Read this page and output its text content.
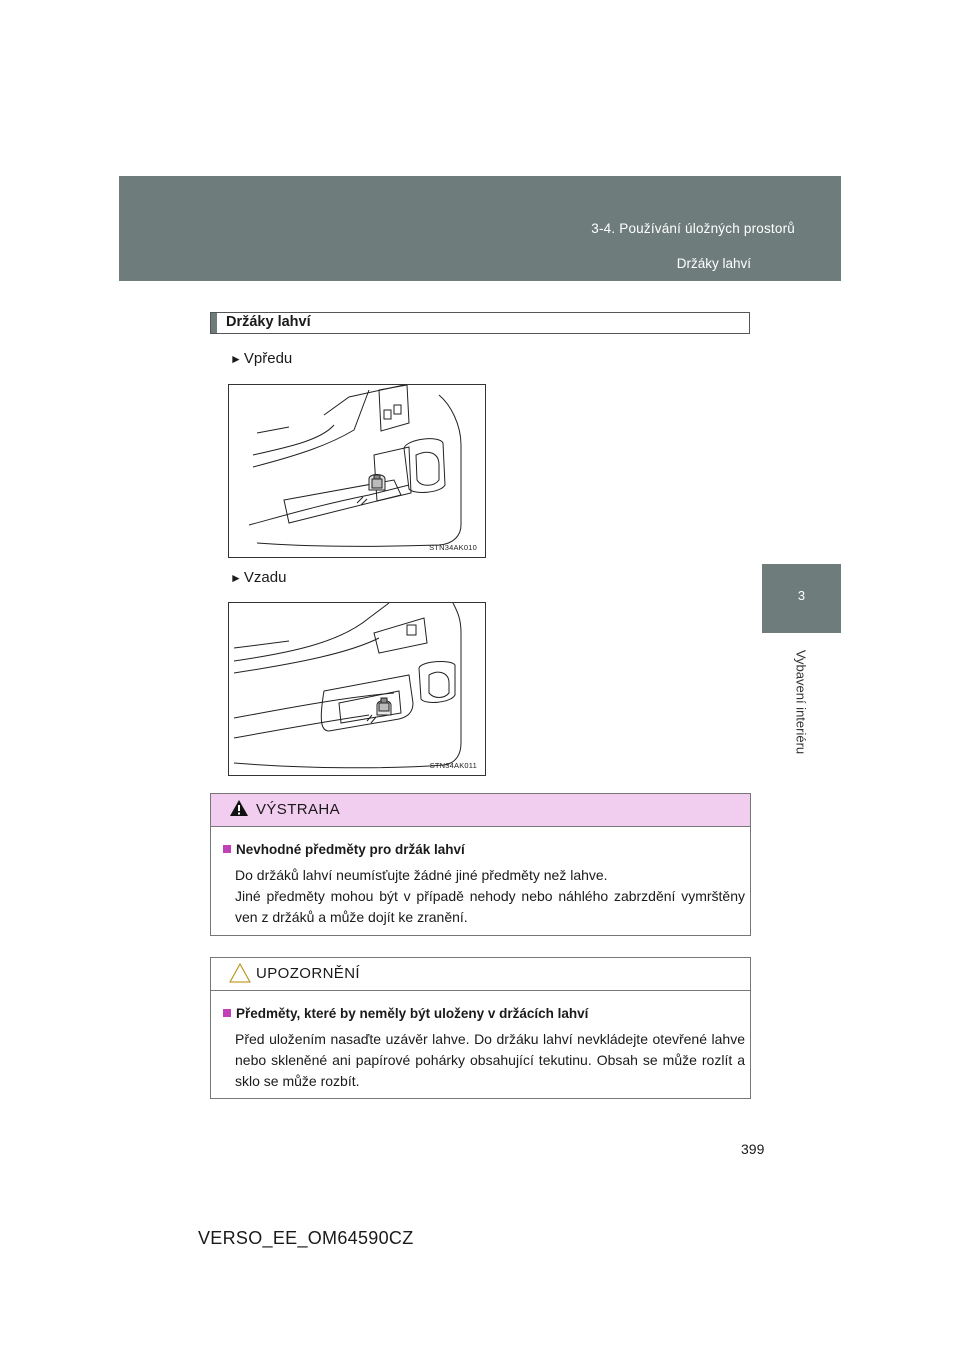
3-4. Používání úložných prostorů
Držáky lahví
3
Vybavení interiéru
Držáky lahví
► Vpředu
STN34AK010
► Vzadu
STN34AK011
VÝSTRAHA
Nevhodné předměty pro držák lahví
Do držáků lahví neumísťujte žádné jiné předměty než lahve.
Jiné předměty mohou být v případě nehody nebo náhlého zabrzdění vymrštěny ven z držáků a může dojít ke zranění.
UPOZORNĚNÍ
Předměty, které by neměly být uloženy v držácích lahví
Před uložením nasaďte uzávěr lahve. Do držáku lahví nevkládejte otevřené lahve nebo skleněné ani papírové pohárky obsahující tekutinu. Obsah se může rozlít a sklo se může rozbít.
399
VERSO_EE_OM64590CZ
